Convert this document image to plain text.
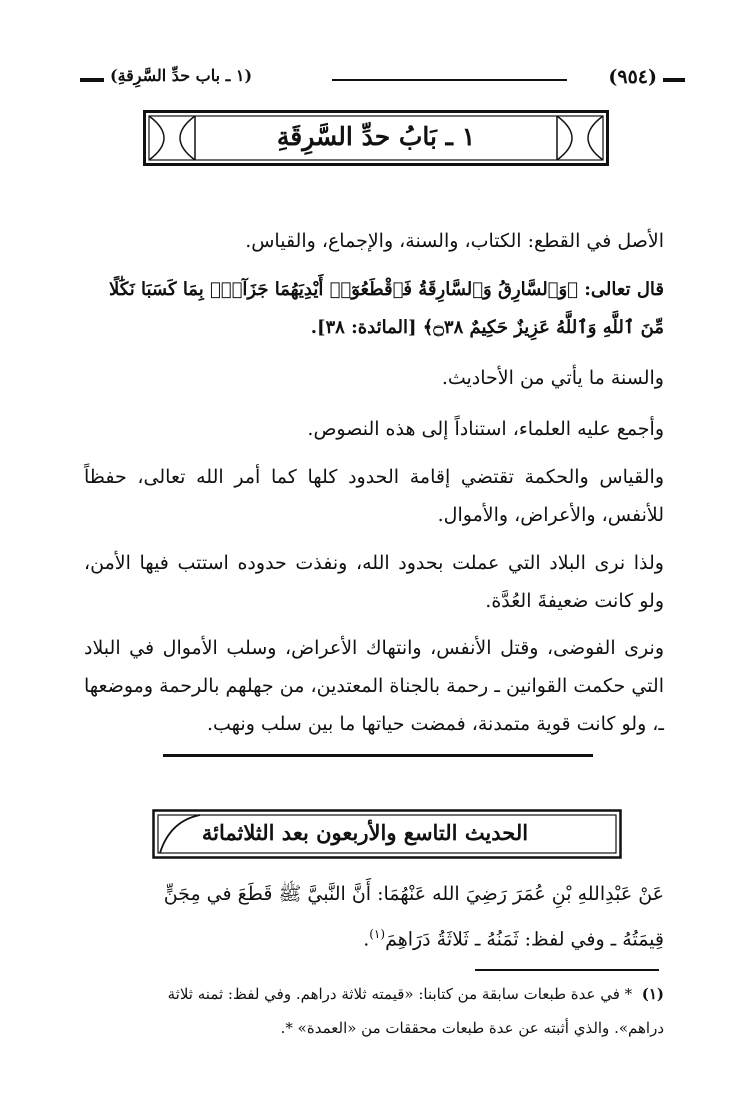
(٩٥٤)
(١ ـ باب حدِّ السَّرِقةِ)
١ ـ بَابُ حدِّ السَّرِقَةِ
الأصل في القطع: الكتاب، والسنة، والإجماع، والقياس.
قال تعالى: ﴿وَٱلسَّارِقُ وَٱلسَّارِقَةُ فَٱقْطَعُوٓا۟ أَيْدِيَهُمَا جَزَآءًۢ بِمَا كَسَبَا نَكَٰلًا
مِّنَ ٱللَّهِ وَٱللَّهُ عَزِيزٌ حَكِيمٌ ۝٣٨﴾ [المائدة: ٣٨].
والسنة ما يأتي من الأحاديث.
وأجمع عليه العلماء، استناداً إلى هذه النصوص.
والقياس والحكمة تقتضي إقامة الحدود كلها كما أمر الله تعالى، حفظاً للأنفس، والأعراض، والأموال.
ولذا نرى البلاد التي عملت بحدود الله، ونفذت حدوده استتب فيها الأمن، ولو كانت ضعيفةَ العُدَّة.
ونرى الفوضى، وقتل الأنفس، وانتهاك الأعراض، وسلب الأموال في البلاد التي حكمت القوانين ـ رحمة بالجناة المعتدين، من جهلهم بالرحمة وموضعها ـ، ولو كانت قوية متمدنة، فمضت حياتها ما بين سلب ونهب.
الحديث التاسع والأربعون بعد الثلاثمائة
عَنْ عَبْدِاللهِ بْنِ عُمَرَ رَضِيَ الله عَنْهُمَا: أَنَّ النَّبيَّ ﷺ قَطَعَ في مِجَنٍّ
قِيمَتُهُ ـ وفي لفظ: ثَمَنُهُ ـ ثَلاثَةُ دَرَاهِمَ$^{(١)}$.
(١)  * في عدة طبعات سابقة من كتابنا: «قيمته ثلاثة دراهم. وفي لفظ: ثمنه ثلاثة
دراهم». والذي أثبته عن عدة طبعات محققات من «العمدة» *.
